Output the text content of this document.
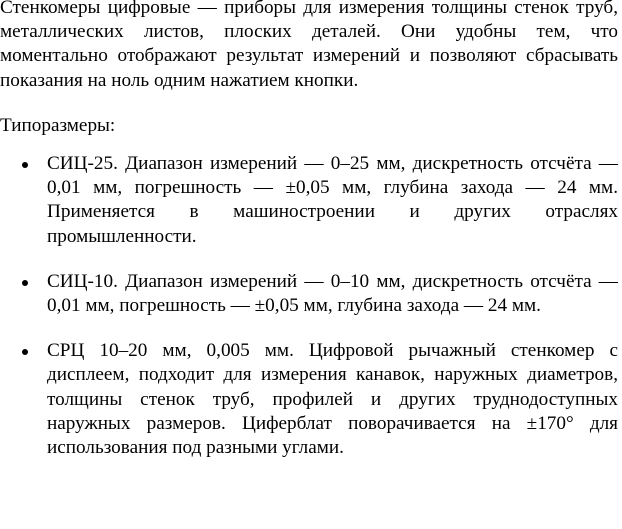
Стенкомеры цифровые — приборы для измерения толщины стенок труб, металлических листов, плоских деталей. Они удобны тем, что моментально отображают результат измерений и позволяют сбрасывать показания на ноль одним нажатием кнопки.

Типоразмеры:

СИЦ-25. Диапазон измерений — 0–25 мм, дискретность отсчёта — 0,01 мм, погрешность — ±0,05 мм, глубина захода — 24 мм. Применяется в машиностроении и других отраслях промышленности.

СИЦ-10. Диапазон измерений — 0–10 мм, дискретность отсчёта — 0,01 мм, погрешность — ±0,05 мм, глубина захода — 24 мм.

СРЦ 10–20 мм, 0,005 мм. Цифровой рычажный стенкомер с дисплеем, подходит для измерения канавок, наружных диаметров, толщины стенок труб, профилей и других труднодоступных наружных размеров. Циферблат поворачивается на ±170° для использования под разными углами.
